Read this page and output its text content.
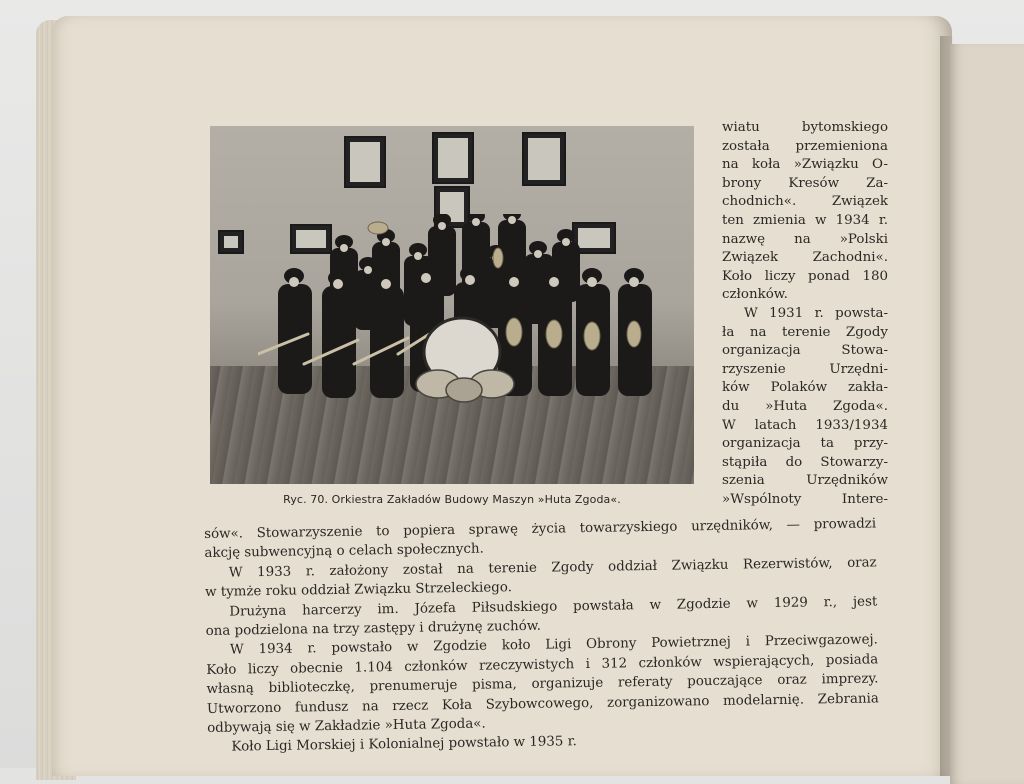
Ryc. 70. Orkiestra Zakładów Budowy Maszyn »Huta Zgoda«.
wiatu bytomskiego
została przemieniona
na koła »Związku O-
brony Kresów Za-
chodnich«. Związek
ten zmienia w 1934 r.
nazwę na »Polski
Związek Zachodni«.
Koło liczy ponad 180
członków.
W 1931 r. powsta-
ła na terenie Zgody
organizacja Stowa-
rzyszenie Urzędni-
ków Polaków zakła-
du »Huta Zgoda«.
W latach 1933/1934
organizacja ta przy-
stąpiła do Stowarzy-
szenia Urzędników
»Wspólnoty Intere-
sów«. Stowarzyszenie to popiera sprawę życia towarzyskiego urzędników, — prowadzi
akcję subwencyjną o celach społecznych.
W 1933 r. założony został na terenie Zgody oddział Związku Rezerwistów, oraz
w tymże roku oddział Związku Strzeleckiego.
Drużyna harcerzy im. Józefa Piłsudskiego powstała w Zgodzie w 1929 r., jest
ona podzielona na trzy zastępy i drużynę zuchów.
W 1934 r. powstało w Zgodzie koło Ligi Obrony Powietrznej i Przeciwgazowej.
Koło liczy obecnie 1.104 członków rzeczywistych i 312 członków wspierających, posiada
własną biblioteczkę, prenumeruje pisma, organizuje referaty pouczające oraz imprezy.
Utworzono fundusz na rzecz Koła Szybowcowego, zorganizowano modelarnię. Zebrania
odbywają się w Zakładzie »Huta Zgoda«.
Koło Ligi Morskiej i Kolonialnej powstało w 1935 r.
